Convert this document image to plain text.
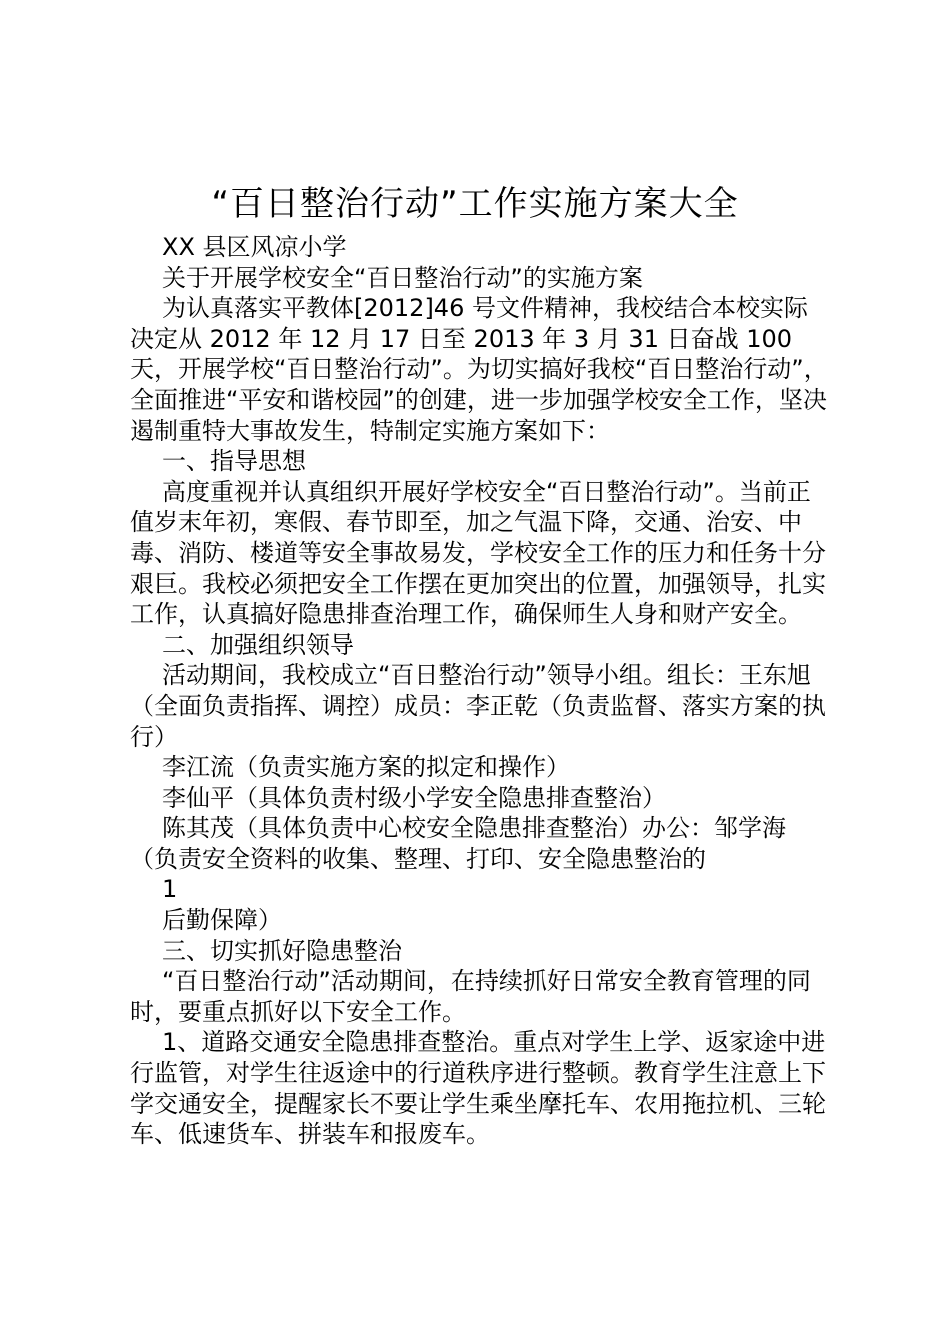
“百日整治行动”工作实施方案大全

XX 县区风凉小学

关于开展学校安全“百日整治行动”的实施方案

为认真落实平教体[2012]46 号文件精神，我校结合本校实际决定从 2012 年 12 月 17 日至 2013 年 3 月 31 日奋战 100 天，开展学校“百日整治行动”。为切实搞好我校“百日整治行动”，全面推进“平安和谐校园”的创建，进一步加强学校安全工作，坚决遏制重特大事故发生，特制定实施方案如下：

一、指导思想

高度重视并认真组织开展好学校安全“百日整治行动”。当前正值岁末年初，寒假、春节即至，加之气温下降，交通、治安、中毒、消防、楼道等安全事故易发，学校安全工作的压力和任务十分艰巨。我校必须把安全工作摆在更加突出的位置，加强领导，扎实工作，认真搞好隐患排查治理工作，确保师生人身和财产安全。

二、加强组织领导

活动期间，我校成立“百日整治行动”领导小组。组长：王东旭（全面负责指挥、调控）成员：李正乾（负责监督、落实方案的执行）

李江流（负责实施方案的拟定和操作）

李仙平（具体负责村级小学安全隐患排查整治）

陈其茂（具体负责中心校安全隐患排查整治）办公：邹学海（负责安全资料的收集、整理、打印、安全隐患整治的

1

后勤保障）

三、切实抓好隐患整治

“百日整治行动”活动期间，在持续抓好日常安全教育管理的同时，要重点抓好以下安全工作。

1、道路交通安全隐患排查整治。重点对学生上学、返家途中进行监管，对学生往返途中的行道秩序进行整顿。教育学生注意上下学交通安全，提醒家长不要让学生乘坐摩托车、农用拖拉机、三轮车、低速货车、拼装车和报废车。
